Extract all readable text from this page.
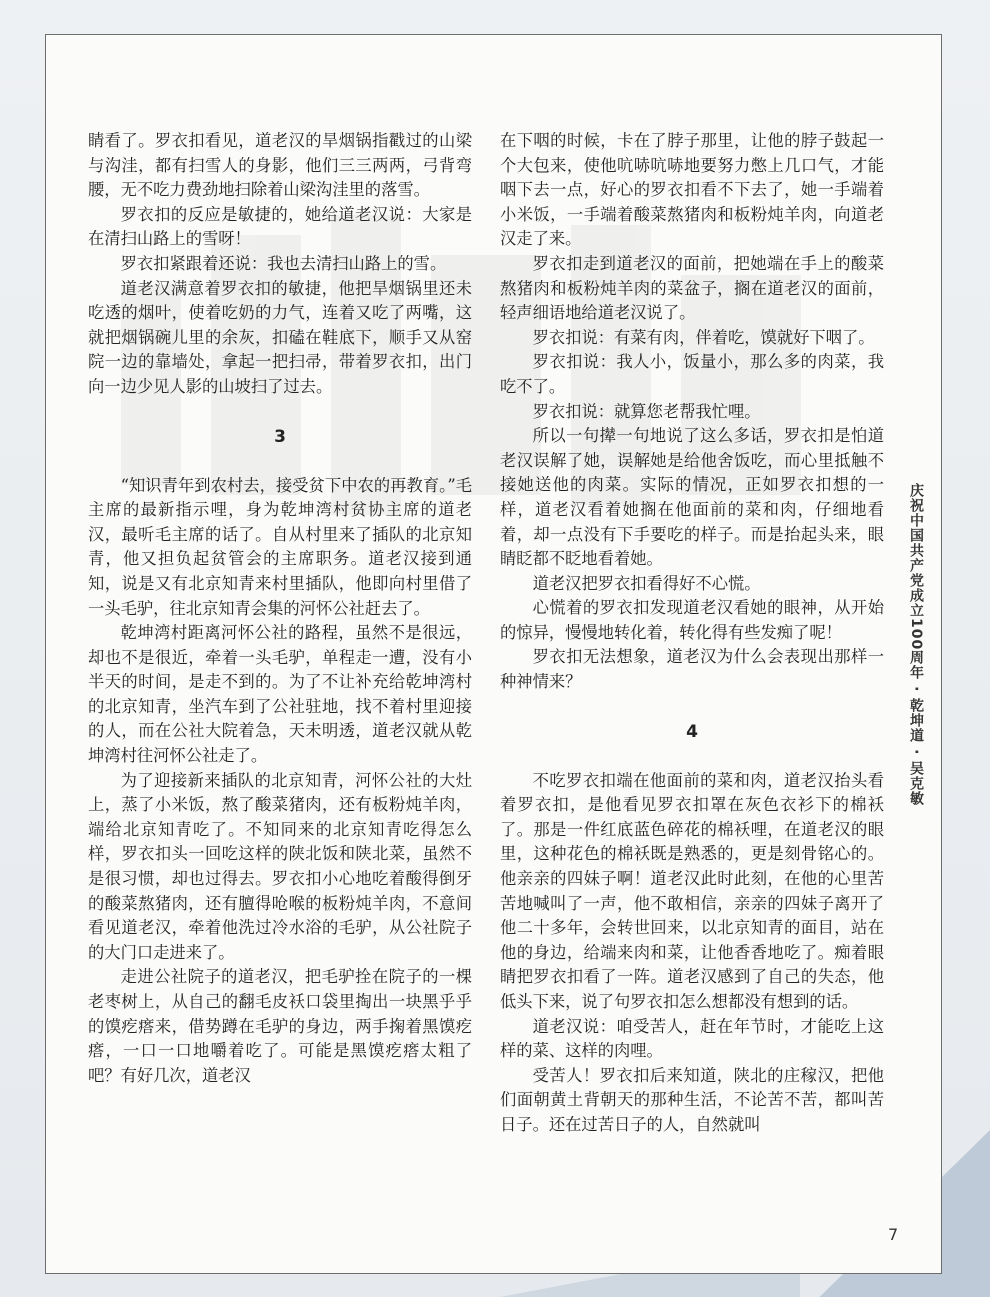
睛看了。罗衣扣看见，道老汉的旱烟锅指戳过的山梁与沟洼，都有扫雪人的身影，他们三三两两，弓背弯腰，无不吃力费劲地扫除着山梁沟洼里的落雪。

罗衣扣的反应是敏捷的，她给道老汉说：大家是在清扫山路上的雪呀！

罗衣扣紧跟着还说：我也去清扫山路上的雪。

道老汉满意着罗衣扣的敏捷，他把旱烟锅里还未吃透的烟叶，使着吃奶的力气，连着又吃了两嘴，这就把烟锅碗儿里的余灰，扣磕在鞋底下，顺手又从窑院一边的靠墙处，拿起一把扫帚，带着罗衣扣，出门向一边少见人影的山坡扫了过去。

3

“知识青年到农村去，接受贫下中农的再教育。”毛主席的最新指示哩，身为乾坤湾村贫协主席的道老汉，最听毛主席的话了。自从村里来了插队的北京知青，他又担负起贫管会的主席职务。道老汉接到通知，说是又有北京知青来村里插队，他即向村里借了一头毛驴，往北京知青会集的河怀公社赶去了。

乾坤湾村距离河怀公社的路程，虽然不是很远，却也不是很近，牵着一头毛驴，单程走一遭，没有小半天的时间，是走不到的。为了不让补充给乾坤湾村的北京知青，坐汽车到了公社驻地，找不着村里迎接的人，而在公社大院着急，天未明透，道老汉就从乾坤湾村往河怀公社走了。

为了迎接新来插队的北京知青，河怀公社的大灶上，蒸了小米饭，熬了酸菜猪肉，还有板粉炖羊肉，端给北京知青吃了。不知同来的北京知青吃得怎么样，罗衣扣头一回吃这样的陕北饭和陕北菜，虽然不是很习惯，却也过得去。罗衣扣小心地吃着酸得倒牙的酸菜熬猪肉，还有膻得呛喉的板粉炖羊肉，不意间看见道老汉，牵着他洗过冷水浴的毛驴，从公社院子的大门口走进来了。

走进公社院子的道老汉，把毛驴拴在院子的一棵老枣树上，从自己的翻毛皮袄口袋里掏出一块黑乎乎的馍疙瘩来，借势蹲在毛驴的身边，两手掬着黑馍疙瘩，一口一口地嚼着吃了。可能是黑馍疙瘩太粗了吧？有好几次，道老汉

在下咽的时候，卡在了脖子那里，让他的脖子鼓起一个大包来，使他吭哧吭哧地要努力憋上几口气，才能咽下去一点，好心的罗衣扣看不下去了，她一手端着小米饭，一手端着酸菜熬猪肉和板粉炖羊肉，向道老汉走了来。

罗衣扣走到道老汉的面前，把她端在手上的酸菜熬猪肉和板粉炖羊肉的菜盆子，搁在道老汉的面前，轻声细语地给道老汉说了。

罗衣扣说：有菜有肉，伴着吃，馍就好下咽了。

罗衣扣说：我人小，饭量小，那么多的肉菜，我吃不了。

罗衣扣说：就算您老帮我忙哩。

所以一句撵一句地说了这么多话，罗衣扣是怕道老汉误解了她，误解她是给他舍饭吃，而心里抵触不接她送他的肉菜。实际的情况，正如罗衣扣想的一样，道老汉看着她搁在他面前的菜和肉，仔细地看着，却一点没有下手要吃的样子。而是抬起头来，眼睛眨都不眨地看着她。

道老汉把罗衣扣看得好不心慌。

心慌着的罗衣扣发现道老汉看她的眼神，从开始的惊异，慢慢地转化着，转化得有些发痴了呢！

罗衣扣无法想象，道老汉为什么会表现出那样一种神情来？

4

不吃罗衣扣端在他面前的菜和肉，道老汉抬头看着罗衣扣，是他看见罗衣扣罩在灰色衣衫下的棉袄了。那是一件红底蓝色碎花的棉袄哩，在道老汉的眼里，这种花色的棉袄既是熟悉的，更是刻骨铭心的。他亲亲的四妹子啊！道老汉此时此刻，在他的心里苦苦地喊叫了一声，他不敢相信，亲亲的四妹子离开了他二十多年，会转世回来，以北京知青的面目，站在他的身边，给端来肉和菜，让他香香地吃了。痴着眼睛把罗衣扣看了一阵。道老汉感到了自己的失态，他低头下来，说了句罗衣扣怎么想都没有想到的话。

道老汉说：咱受苦人，赶在年节时，才能吃上这样的菜、这样的肉哩。

受苦人！罗衣扣后来知道，陕北的庄稼汉，把他们面朝黄土背朝天的那种生活，不论苦不苦，都叫苦日子。还在过苦日子的人，自然就叫

庆祝中国共产党成立100周年 · 乾坤道 · 吴克敏
7
